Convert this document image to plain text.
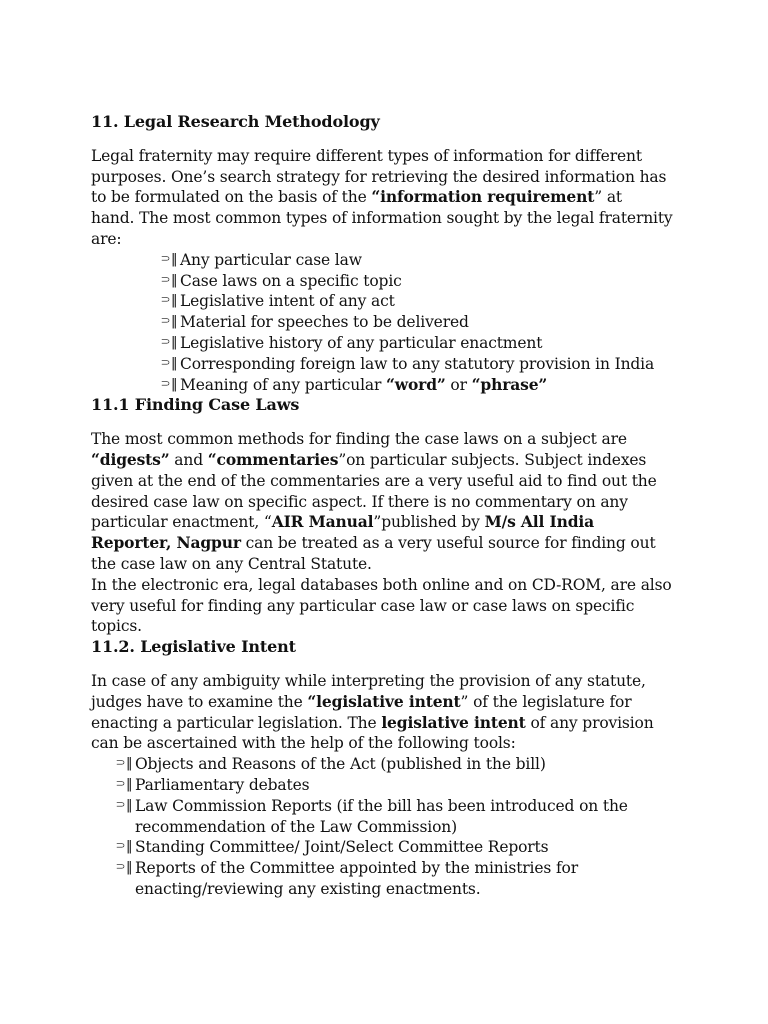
11. Legal Research Methodology

Legal fraternity may require different types of information for different
purposes. One’s search strategy for retrieving the desired information has
to be formulated on the basis of the “information requirement” at
hand. The most common types of information sought by the legal fraternity
are:
⸧‖ Any particular case law
⸧‖ Case laws on a specific topic
⸧‖ Legislative intent of any act
⸧‖ Material for speeches to be delivered
⸧‖ Legislative history of any particular enactment
⸧‖ Corresponding foreign law to any statutory provision in India
⸧‖ Meaning of any particular “word” or “phrase”

11.1 Finding Case Laws

The most common methods for finding the case laws on a subject are
“digests” and “commentaries”on particular subjects. Subject indexes
given at the end of the commentaries are a very useful aid to find out the
desired case law on specific aspect. If there is no commentary on any
particular enactment, “AIR Manual”published by M/s All India
Reporter, Nagpur can be treated as a very useful source for finding out
the case law on any Central Statute.
In the electronic era, legal databases both online and on CD-ROM, are also
very useful for finding any particular case law or case laws on specific
topics.

11.2. Legislative Intent

In case of any ambiguity while interpreting the provision of any statute,
judges have to examine the “legislative intent” of the legislature for
enacting a particular legislation. The legislative intent of any provision
can be ascertained with the help of the following tools:
⸧‖ Objects and Reasons of the Act (published in the bill)
⸧‖ Parliamentary debates
⸧‖ Law Commission Reports (if the bill has been introduced on the
recommendation of the Law Commission)
⸧‖ Standing Committee/ Joint/Select Committee Reports
⸧‖ Reports of the Committee appointed by the ministries for
enacting/reviewing any existing enactments.
